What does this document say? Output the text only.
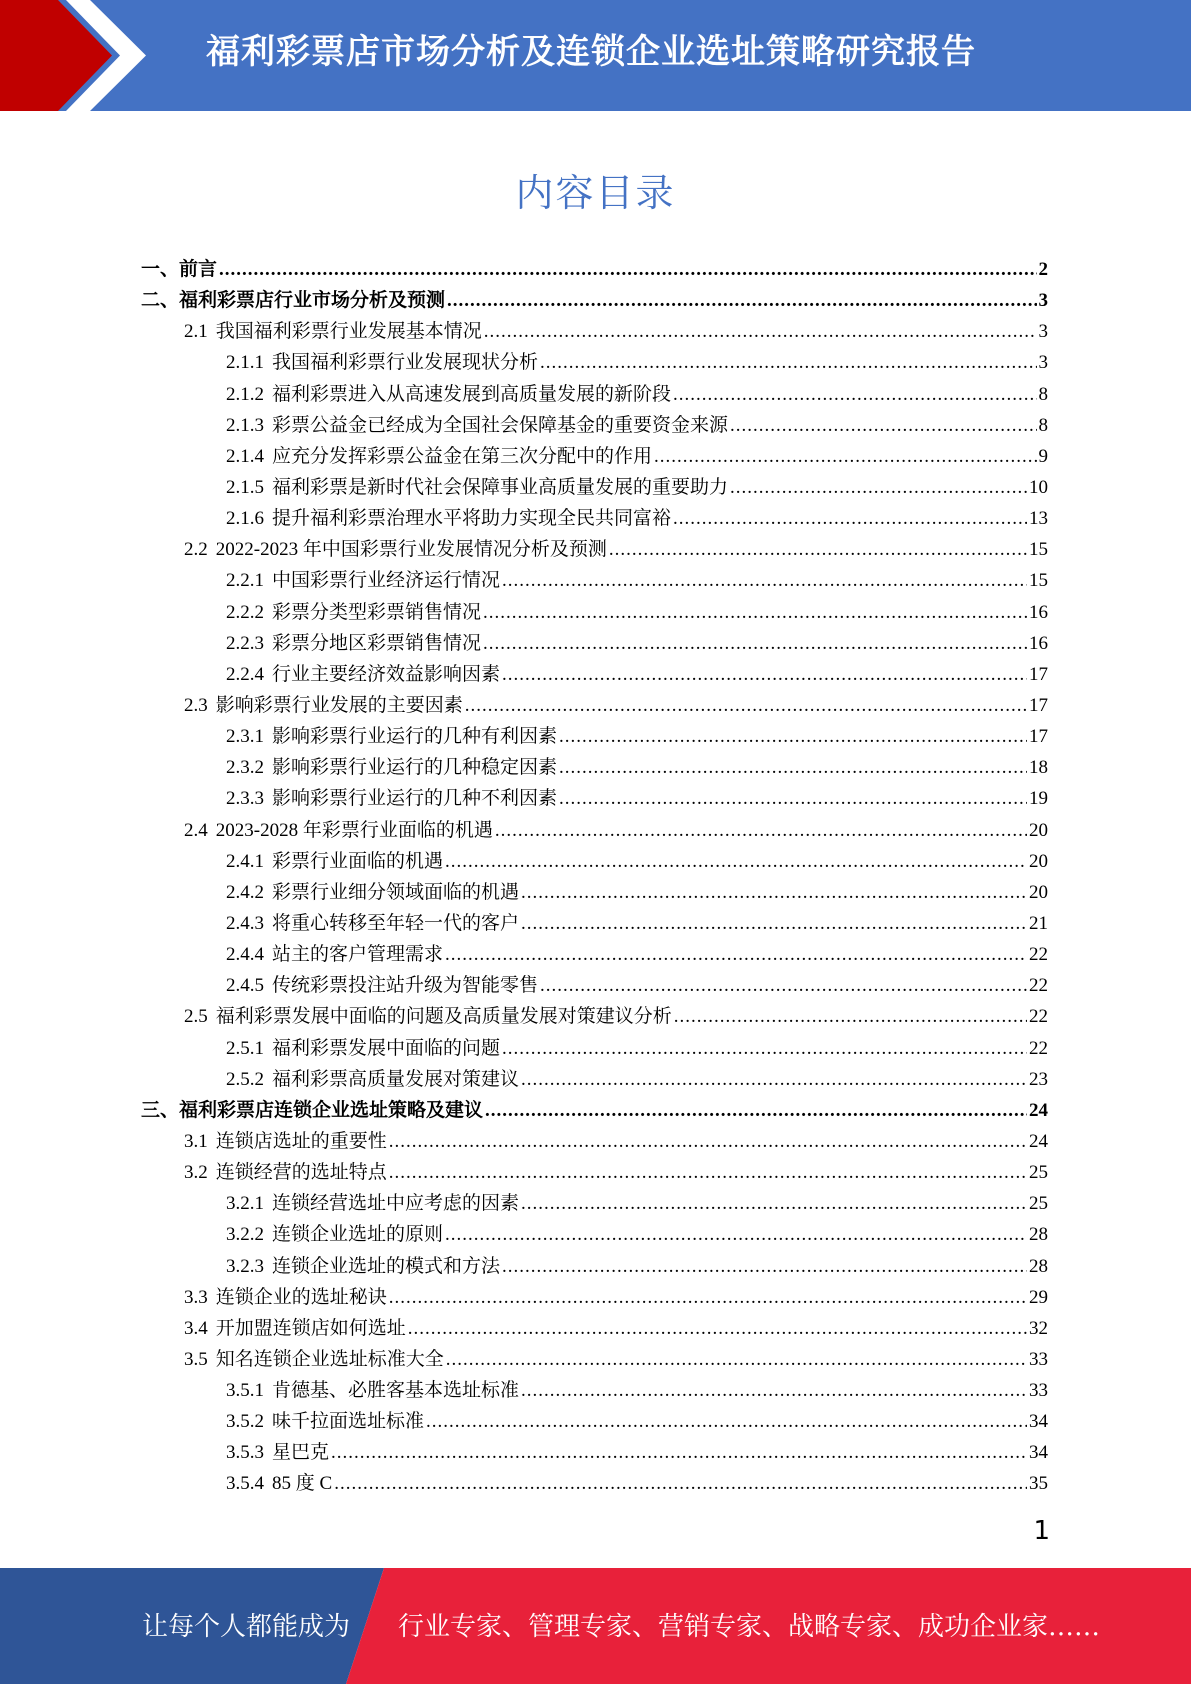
福利彩票店市场分析及连锁企业选址策略研究报告
内容目录
一、 前言 .....	2
二、 福利彩票店行业市场分析及预测 .....	3
2.1 我国福利彩票行业发展基本情况 .....	3
2.1.1 我国福利彩票行业发展现状分析 .....	3
2.1.2 福利彩票进入从高速发展到高质量发展的新阶段 .....	8
2.1.3 彩票公益金已经成为全国社会保障基金的重要资金来源 .....	8
2.1.4 应充分发挥彩票公益金在第三次分配中的作用 .....	9
2.1.5 福利彩票是新时代社会保障事业高质量发展的重要助力 .....	10
2.1.6 提升福利彩票治理水平将助力实现全民共同富裕 .....	13
2.2 2022-2023 年中国彩票行业发展情况分析及预测 .....	15
2.2.1 中国彩票行业经济运行情况 .....	15
2.2.2 彩票分类型彩票销售情况 .....	16
2.2.3 彩票分地区彩票销售情况 .....	16
2.2.4 行业主要经济效益影响因素 .....	17
2.3 影响彩票行业发展的主要因素 .....	17
2.3.1 影响彩票行业运行的几种有利因素 .....	17
2.3.2 影响彩票行业运行的几种稳定因素 .....	18
2.3.3 影响彩票行业运行的几种不利因素 .....	19
2.4 2023-2028 年彩票行业面临的机遇 .....	20
2.4.1 彩票行业面临的机遇 .....	20
2.4.2 彩票行业细分领域面临的机遇 .....	20
2.4.3 将重心转移至年轻一代的客户 .....	21
2.4.4 站主的客户管理需求 .....	22
2.4.5 传统彩票投注站升级为智能零售 .....	22
2.5 福利彩票发展中面临的问题及高质量发展对策建议分析 .....	22
2.5.1 福利彩票发展中面临的问题 .....	22
2.5.2 福利彩票高质量发展对策建议 .....	23
三、 福利彩票店连锁企业选址策略及建议 .....	24
3.1 连锁店选址的重要性 .....	24
3.2 连锁经营的选址特点 .....	25
3.2.1 连锁经营选址中应考虑的因素 .....	25
3.2.2 连锁企业选址的原则 .....	28
3.2.3 连锁企业选址的模式和方法 .....	28
3.3 连锁企业的选址秘诀 .....	29
3.4 开加盟连锁店如何选址 .....	32
3.5 知名连锁企业选址标准大全 .....	33
3.5.1 肯德基、必胜客基本选址标准 .....	33
3.5.2 味千拉面选址标准 .....	34
3.5.3 星巴克 .....	34
3.5.4 85 度 C .....	35
1
让每个人都能成为 行业专家、管理专家、营销专家、战略专家、成功企业家……
